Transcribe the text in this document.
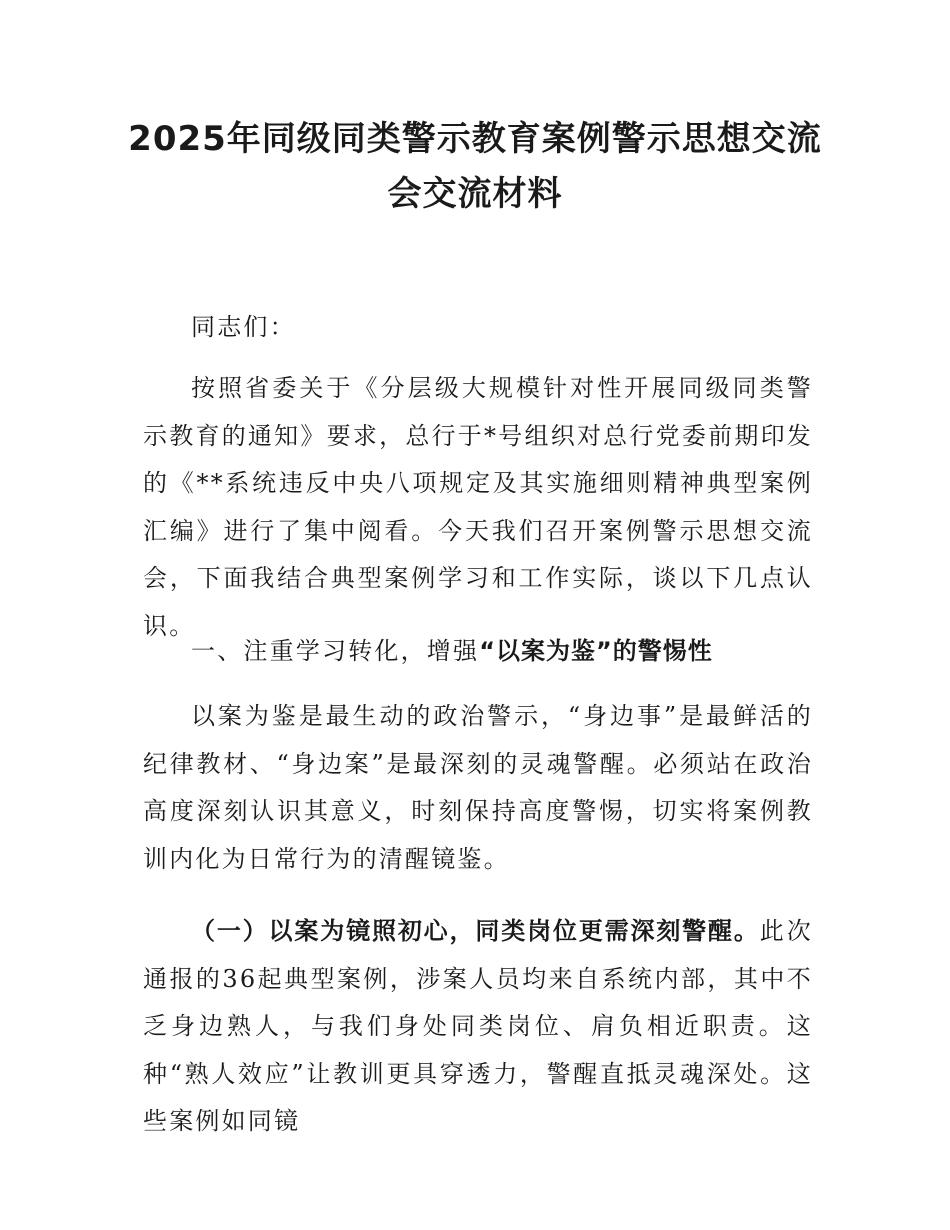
2025年同级同类警示教育案例警示思想交流
会交流材料
同志们：
按照省委关于《分层级大规模针对性开展同级同类警示教育的通知》要求，总行于*号组织对总行党委前期印发的《**系统违反中央八项规定及其实施细则精神典型案例汇编》进行了集中阅看。今天我们召开案例警示思想交流会，下面我结合典型案例学习和工作实际，谈以下几点认识。
一、注重学习转化，增强“以案为鉴”的警惕性
以案为鉴是最生动的政治警示，“身边事”是最鲜活的纪律教材、“身边案”是最深刻的灵魂警醒。必须站在政治高度深刻认识其意义，时刻保持高度警惕，切实将案例教训内化为日常行为的清醒镜鉴。
（一）以案为镜照初心，同类岗位更需深刻警醒。此次通报的36起典型案例，涉案人员均来自系统内部，其中不乏身边熟人，与我们身处同类岗位、肩负相近职责。这种“熟人效应”让教训更具穿透力，警醒直抵灵魂深处。这些案例如同镜
